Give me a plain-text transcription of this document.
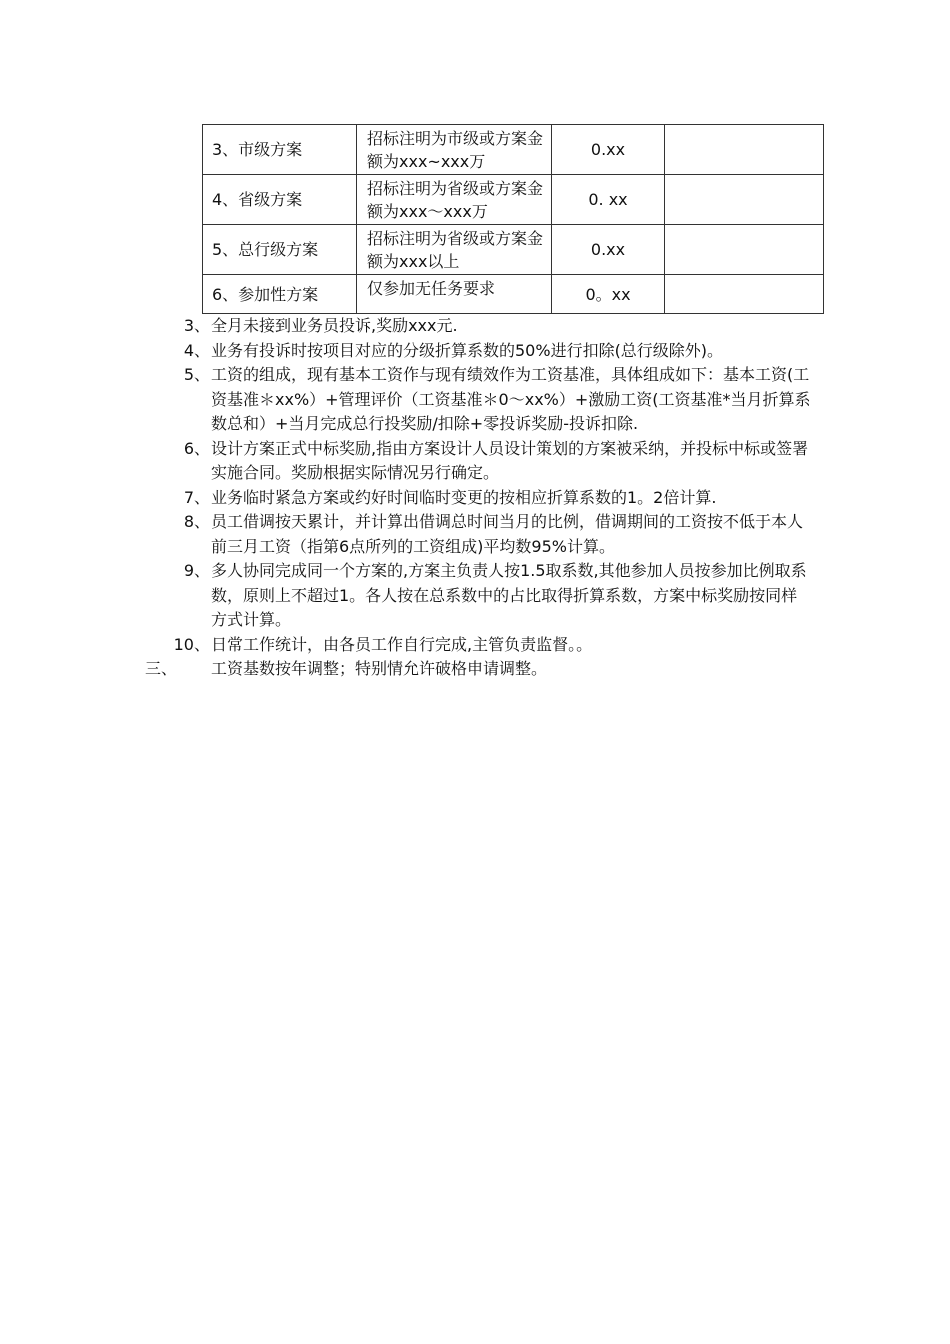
3、市级方案	招标注明为市级或方案金额为xxx~xxx万	0.xx	
4、省级方案	招标注明为省级或方案金额为xxx～xxx万	0. xx	
5、总行级方案	招标注明为省级或方案金额为xxx以上	0.xx	
6、参加性方案	仅参加无任务要求	0。xx	
3、 全月未接到业务员投诉,奖励xxx元.
4、 业务有投诉时按项目对应的分级折算系数的50%进行扣除(总行级除外)。
5、 工资的组成，现有基本工资作与现有绩效作为工资基准，具体组成如下：基本工资(工资基准＊xx%）+管理评价（工资基准＊0～xx%）+激励工资(工资基准*当月折算系数总和）+当月完成总行投奖励/扣除+零投诉奖励-投诉扣除.
6、 设计方案正式中标奖励,指由方案设计人员设计策划的方案被采纳，并投标中标或签署实施合同。奖励根据实际情况另行确定。
7、 业务临时紧急方案或约好时间临时变更的按相应折算系数的1。2倍计算.
8、 员工借调按天累计，并计算出借调总时间当月的比例，借调期间的工资按不低于本人前三月工资（指第6点所列的工资组成)平均数95%计算。
9、 多人协同完成同一个方案的,方案主负责人按1.5取系数,其他参加人员按参加比例取系数，原则上不超过1。各人按在总系数中的占比取得折算系数，方案中标奖励按同样方式计算。
10、 日常工作统计，由各员工作自行完成,主管负责监督。。
三、 工资基数按年调整；特别情允许破格申请调整。
